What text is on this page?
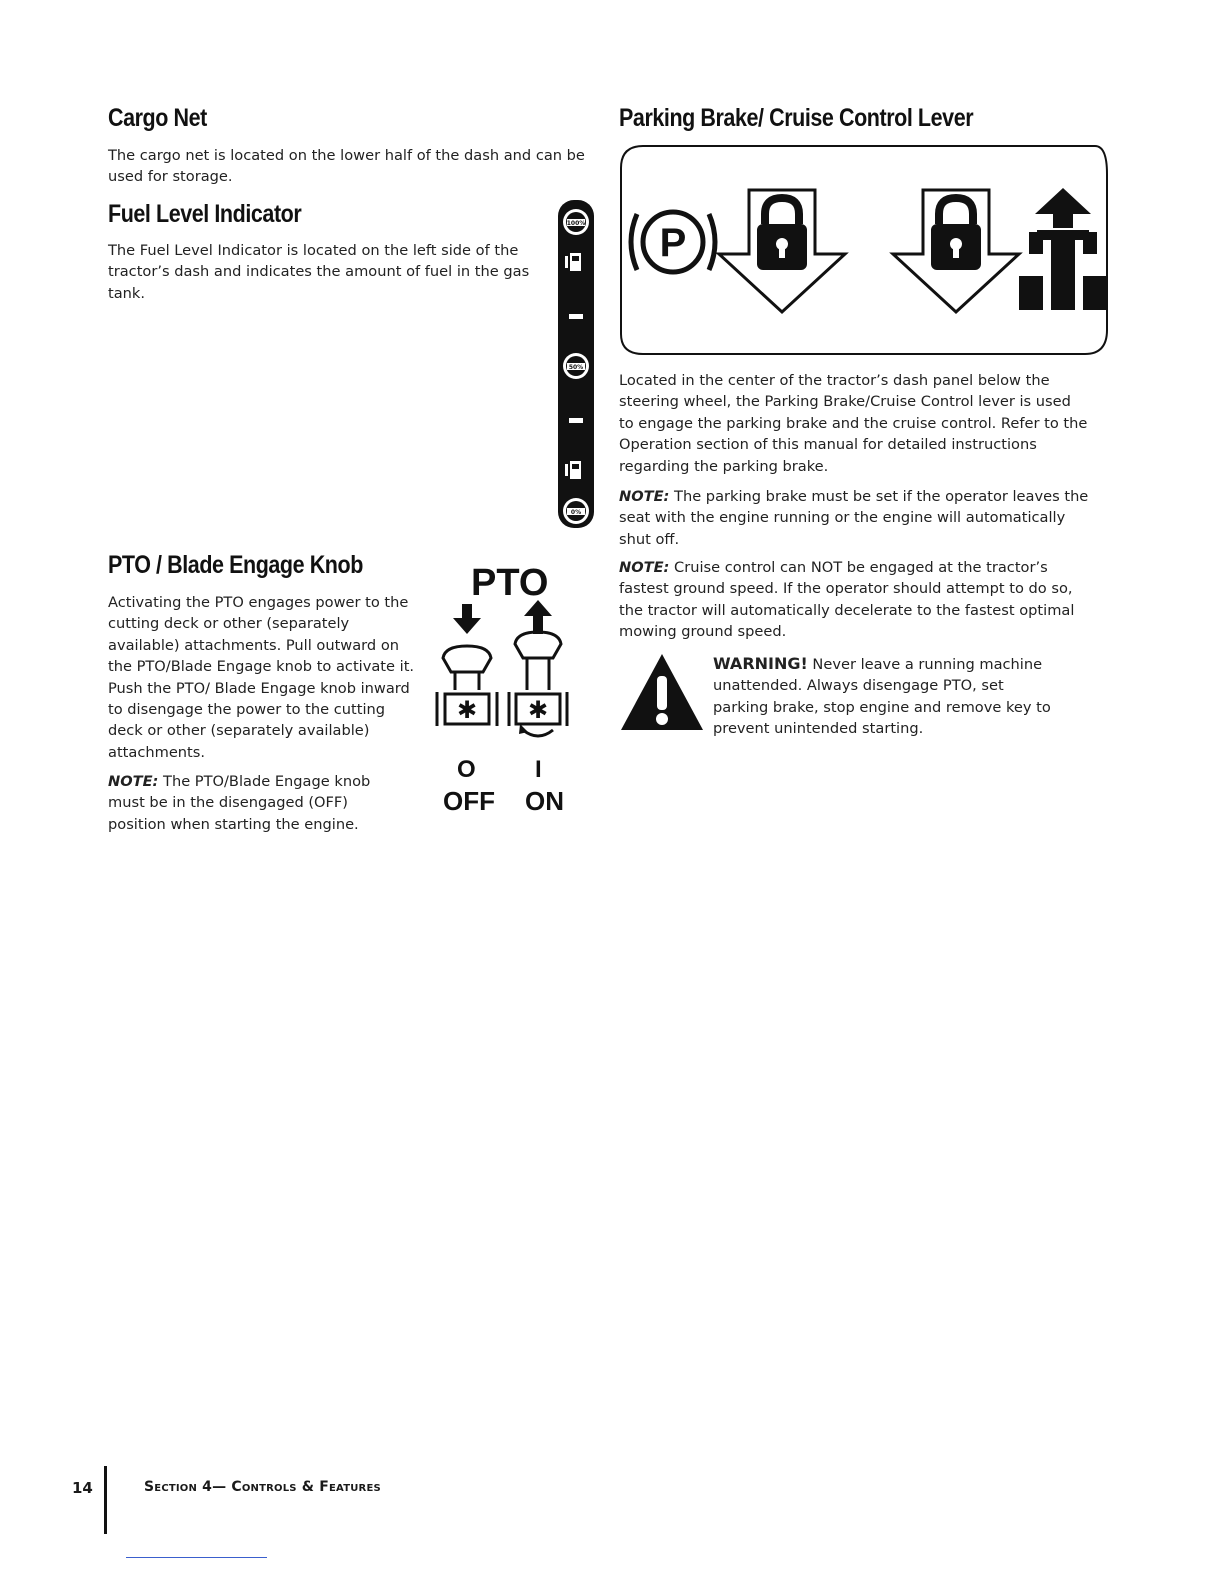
Cargo Net

The cargo net is located on the lower half of the dash and can be used for storage.

Fuel Level Indicator

The Fuel Level Indicator is located on the left side of the tractor’s dash and indicates the amount of fuel in the gas tank.

100%
50%
0%
PTO / Blade Engage Knob

Activating the PTO engages power to the cutting deck or other (separately available) attachments. Pull outward on the PTO/Blade Engage knob to activate it. Push the PTO/ Blade Engage knob inward to disengage the power to the cutting deck or other (separately available) attachments.

NOTE: The PTO/Blade Engage knob must be in the disengaged (OFF) position when starting the engine.

PTO
✱ ✱
O I
OFF ON
Parking Brake/ Cruise Control Lever
P

Located in the center of the tractor’s dash panel below the steering wheel, the Parking Brake/Cruise Control lever is used to engage the parking brake and the cruise control. Refer to the Operation section of this manual for detailed instructions regarding the parking brake.

NOTE: The parking brake must be set if the operator leaves the seat with the engine running or the engine will automatically shut off.

NOTE: Cruise control can NOT be engaged at the tractor’s fastest ground speed. If the operator should attempt to do so, the tractor will automatically decelerate to the fastest optimal mowing ground speed.

WARNING! Never leave a running machine unattended. Always disengage PTO, set parking brake, stop engine and remove key to prevent unintended starting.

14	Section 4— Controls & Features
